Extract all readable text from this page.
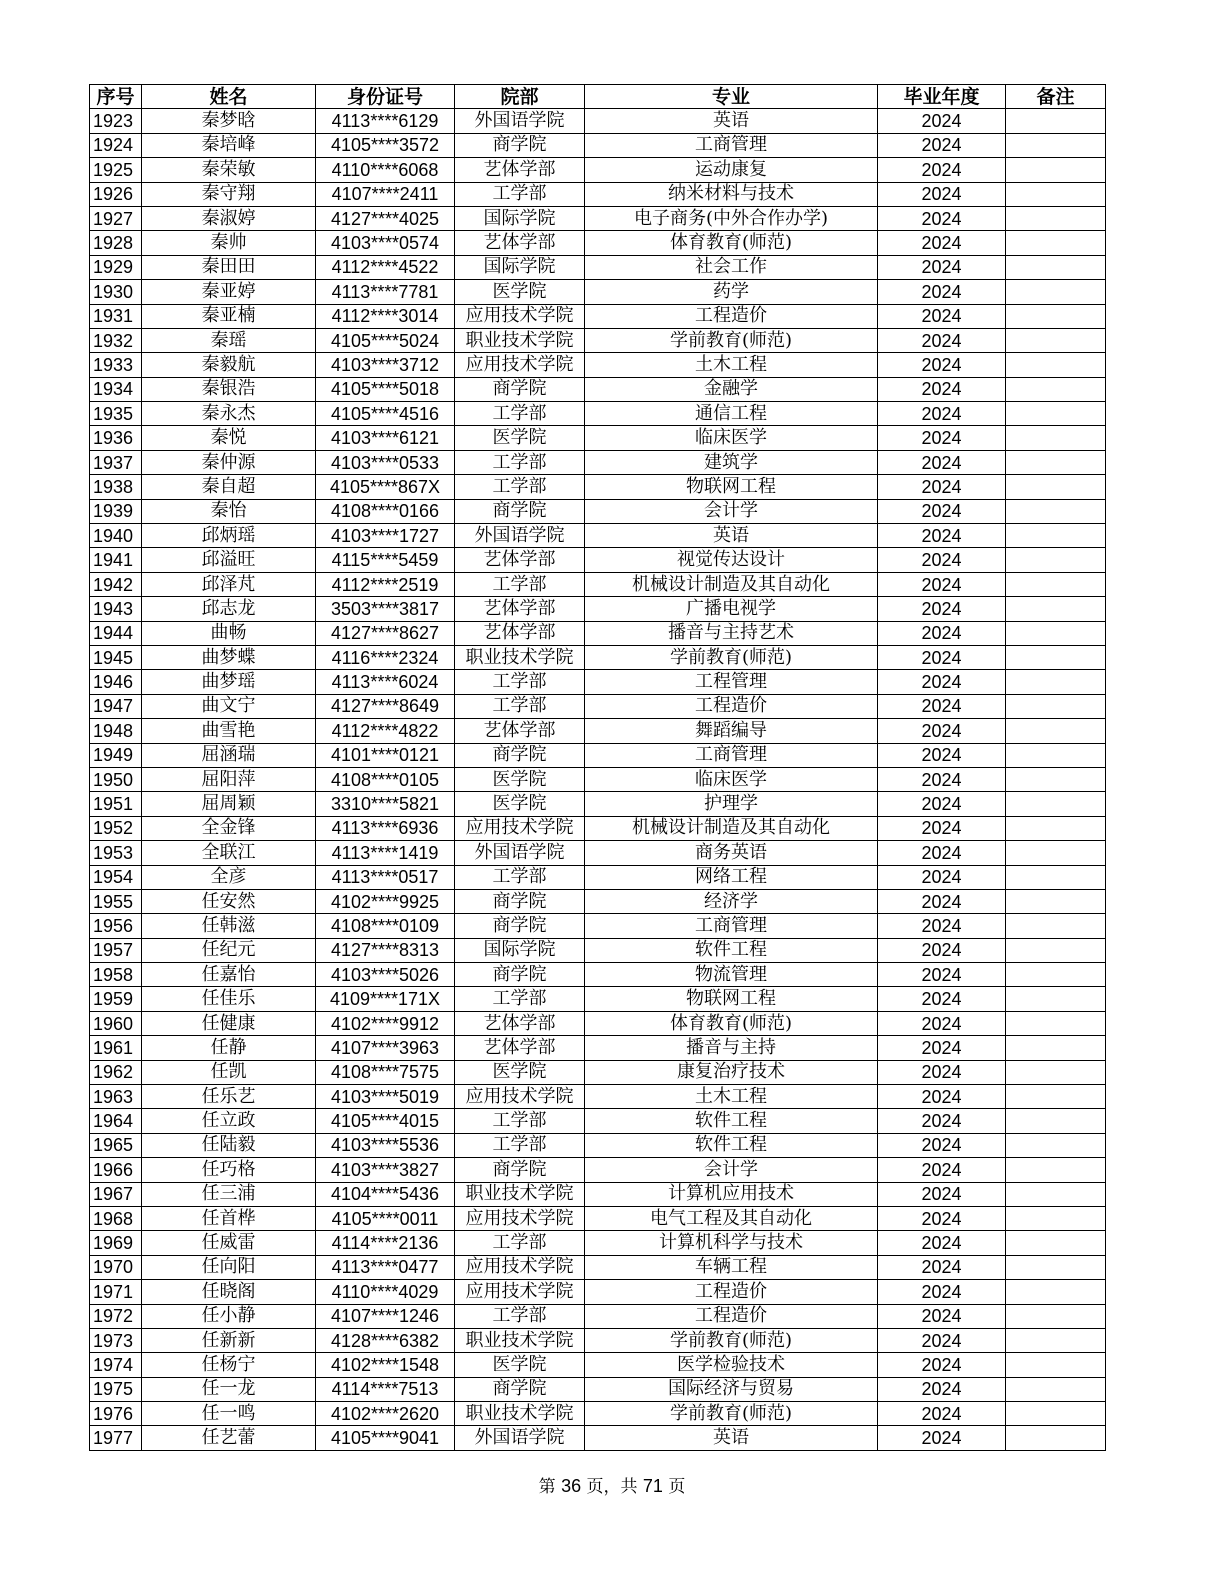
序号	姓名	身份证号	院部	专业	毕业年度	备注
1923	秦梦晗	4113****6129	外国语学院	英语	2024	
1924	秦培峰	4105****3572	商学院	工商管理	2024	
1925	秦荣敏	4110****6068	艺体学部	运动康复	2024	
1926	秦守翔	4107****2411	工学部	纳米材料与技术	2024	
1927	秦淑婷	4127****4025	国际学院	电子商务(中外合作办学)	2024	
1928	秦帅	4103****0574	艺体学部	体育教育(师范)	2024	
1929	秦田田	4112****4522	国际学院	社会工作	2024	
1930	秦亚婷	4113****7781	医学院	药学	2024	
1931	秦亚楠	4112****3014	应用技术学院	工程造价	2024	
1932	秦瑶	4105****5024	职业技术学院	学前教育(师范)	2024	
1933	秦毅航	4103****3712	应用技术学院	土木工程	2024	
1934	秦银浩	4105****5018	商学院	金融学	2024	
1935	秦永杰	4105****4516	工学部	通信工程	2024	
1936	秦悦	4103****6121	医学院	临床医学	2024	
1937	秦仲源	4103****0533	工学部	建筑学	2024	
1938	秦自超	4105****867X	工学部	物联网工程	2024	
1939	秦怡	4108****0166	商学院	会计学	2024	
1940	邱炳瑶	4103****1727	外国语学院	英语	2024	
1941	邱溢旺	4115****5459	艺体学部	视觉传达设计	2024	
1942	邱泽芃	4112****2519	工学部	机械设计制造及其自动化	2024	
1943	邱志龙	3503****3817	艺体学部	广播电视学	2024	
1944	曲畅	4127****8627	艺体学部	播音与主持艺术	2024	
1945	曲梦蝶	4116****2324	职业技术学院	学前教育(师范)	2024	
1946	曲梦瑶	4113****6024	工学部	工程管理	2024	
1947	曲文宁	4127****8649	工学部	工程造价	2024	
1948	曲雪艳	4112****4822	艺体学部	舞蹈编导	2024	
1949	屈涵瑞	4101****0121	商学院	工商管理	2024	
1950	屈阳萍	4108****0105	医学院	临床医学	2024	
1951	屈周颖	3310****5821	医学院	护理学	2024	
1952	全金锋	4113****6936	应用技术学院	机械设计制造及其自动化	2024	
1953	全联江	4113****1419	外国语学院	商务英语	2024	
1954	全彦	4113****0517	工学部	网络工程	2024	
1955	任安然	4102****9925	商学院	经济学	2024	
1956	任韩滋	4108****0109	商学院	工商管理	2024	
1957	任纪元	4127****8313	国际学院	软件工程	2024	
1958	任嘉怡	4103****5026	商学院	物流管理	2024	
1959	任佳乐	4109****171X	工学部	物联网工程	2024	
1960	任健康	4102****9912	艺体学部	体育教育(师范)	2024	
1961	任静	4107****3963	艺体学部	播音与主持	2024	
1962	任凯	4108****7575	医学院	康复治疗技术	2024	
1963	任乐艺	4103****5019	应用技术学院	土木工程	2024	
1964	任立政	4105****4015	工学部	软件工程	2024	
1965	任陆毅	4103****5536	工学部	软件工程	2024	
1966	任巧格	4103****3827	商学院	会计学	2024	
1967	任三浦	4104****5436	职业技术学院	计算机应用技术	2024	
1968	任首桦	4105****0011	应用技术学院	电气工程及其自动化	2024	
1969	任威雷	4114****2136	工学部	计算机科学与技术	2024	
1970	任向阳	4113****0477	应用技术学院	车辆工程	2024	
1971	任晓阁	4110****4029	应用技术学院	工程造价	2024	
1972	任小静	4107****1246	工学部	工程造价	2024	
1973	任新新	4128****6382	职业技术学院	学前教育(师范)	2024	
1974	任杨宁	4102****1548	医学院	医学检验技术	2024	
1975	任一龙	4114****7513	商学院	国际经济与贸易	2024	
1976	任一鸣	4102****2620	职业技术学院	学前教育(师范)	2024	
1977	任艺蕾	4105****9041	外国语学院	英语	2024	
第 36 页，共 71 页
